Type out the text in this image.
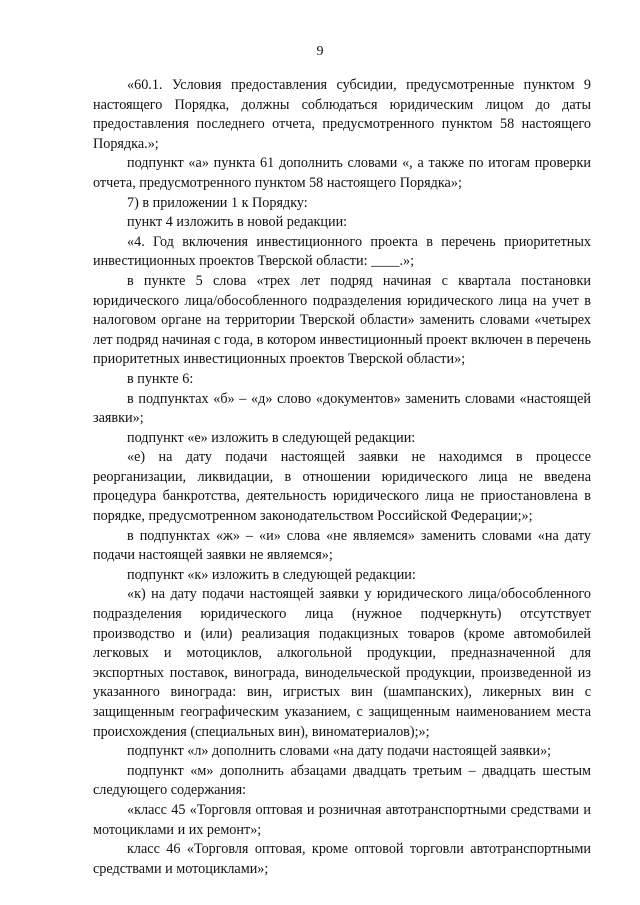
9

«60.1. Условия предоставления субсидии, предусмотренные пунктом 9 настоящего Порядка, должны соблюдаться юридическим лицом до даты предоставления последнего отчета, предусмотренного пунктом 58 настоящего Порядка.»;

подпункт «а» пункта 61 дополнить словами «, а также по итогам проверки отчета, предусмотренного пунктом 58 настоящего Порядка»;

7) в приложении 1 к Порядку:

пункт 4 изложить в новой редакции:

«4. Год включения инвестиционного проекта в перечень приоритетных инвестиционных проектов Тверской области: ____.»;

в пункте 5 слова «трех лет подряд начиная с квартала постановки юридического лица/обособленного подразделения юридического лица на учет в налоговом органе на территории Тверской области» заменить словами «четырех лет подряд начиная с года, в котором инвестиционный проект включен в перечень приоритетных инвестиционных проектов Тверской области»;

в пункте 6:

в подпунктах «б» – «д» слово «документов» заменить словами «настоящей заявки»;

подпункт «е» изложить в следующей редакции:

«е) на дату подачи настоящей заявки не находимся в процессе реорганизации, ликвидации, в отношении юридического лица не введена процедура банкротства, деятельность юридического лица не приостановлена в порядке, предусмотренном законодательством Российской Федерации;»;

в подпунктах «ж» – «и» слова «не являемся» заменить словами «на дату подачи настоящей заявки не являемся»;

подпункт «к» изложить в следующей редакции:

«к) на дату подачи настоящей заявки у юридического лица/обособленного подразделения юридического лица (нужное подчеркнуть) отсутствует производство и (или) реализация подакцизных товаров (кроме автомобилей легковых и мотоциклов, алкогольной продукции, предназначенной для экспортных поставок, винограда, винодельческой продукции, произведенной из указанного винограда: вин, игристых вин (шампанских), ликерных вин с защищенным географическим указанием, с защищенным наименованием места происхождения (специальных вин), виноматериалов);»;

подпункт «л» дополнить словами «на дату подачи настоящей заявки»;

подпункт «м» дополнить абзацами двадцать третьим – двадцать шестым следующего содержания:

«класс 45 «Торговля оптовая и розничная автотранспортными средствами и мотоциклами и их ремонт»;

класс 46 «Торговля оптовая, кроме оптовой торговли автотранспортными средствами и мотоциклами»;
